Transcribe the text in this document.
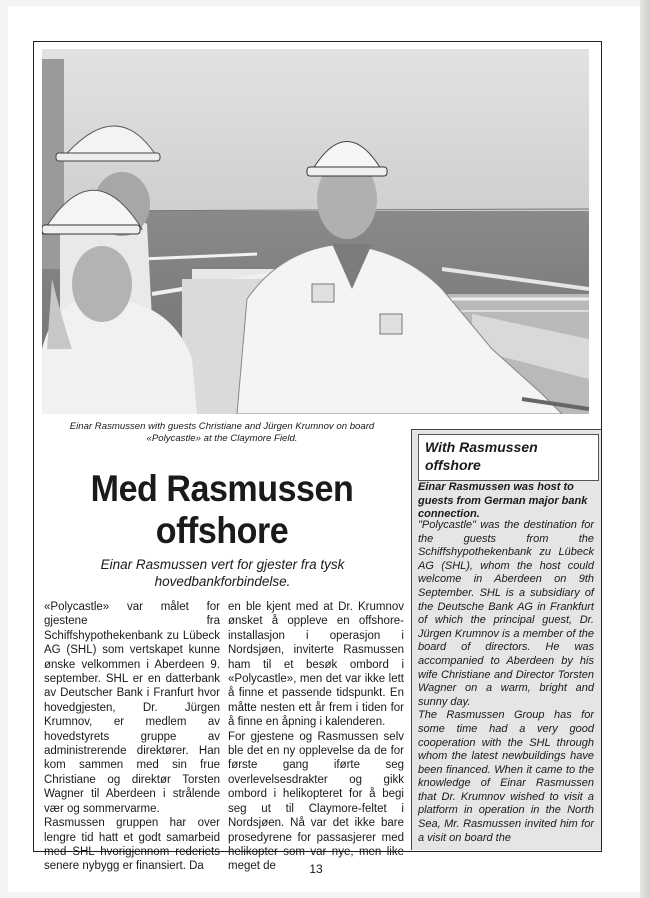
Einar Rasmussen with guests Christiane and Jürgen Krumnov on board «Polycastle» at the Claymore Field.
Med Rasmussen
offshore
Einar Rasmussen vert for gjester fra tysk hovedbankforbindelse.

«Polycastle» var målet for gjestene fra Schiffshypothekenbank zu Lübeck AG (SHL) som vertskapet kunne ønske velkommen i Aberdeen 9. september. SHL er en datterbank av Deutscher Bank i Franfurt hvor hovedgjesten, Dr. Jürgen Krumnov, er medlem av hovedstyrets gruppe av administrerende direktører. Han kom sammen med sin frue Christiane og direktør Torsten Wagner til Aberdeen i strålende vær og sommervarme.

Rasmussen gruppen har over lengre tid hatt et godt samarbeid med SHL hvorigjennom rederiets senere nybygg er finansiert. Da

en ble kjent med at Dr. Krumnov ønsket å oppleve en offshore-installasjon i operasjon i Nordsjøen, inviterte Rasmussen ham til et besøk ombord i «Polycastle», men det var ikke lett å finne et passende tidspunkt. En måtte nesten ett år frem i tiden for å finne en åpning i kalenderen.

For gjestene og Rasmussen selv ble det en ny opplevelse da de for første gang iførte seg overlevelsesdrakter og gikk ombord i helikopteret for å begi seg ut til Claymore-feltet i Nordsjøen. Nå var det ikke bare prosedyrene for passasjerer med helikopter som var nye, men like meget de

With Rasmussen offshore
Einar Rasmussen was host to guests from German major bank connection.

"Polycastle" was the destination for the guests from the Schiffshypothekenbank zu Lübeck AG (SHL), whom the host could welcome in Aberdeen on 9th September. SHL is a subsidiary of the Deutsche Bank AG in Frankfurt of which the principal guest, Dr. Jürgen Krumnov is a member of the board of directors. He was accompanied to Aberdeen by his wife Christiane and Director Torsten Wagner on a warm, bright and sunny day.

The Rasmussen Group has for some time had a very good cooperation with the SHL through whom the latest newbuildings have been financed. When it came to the knowledge of Einar Rasmussen that Dr. Krumnov wished to visit a platform in operation in the North Sea, Mr. Rasmussen invited him for a visit on board the

13
